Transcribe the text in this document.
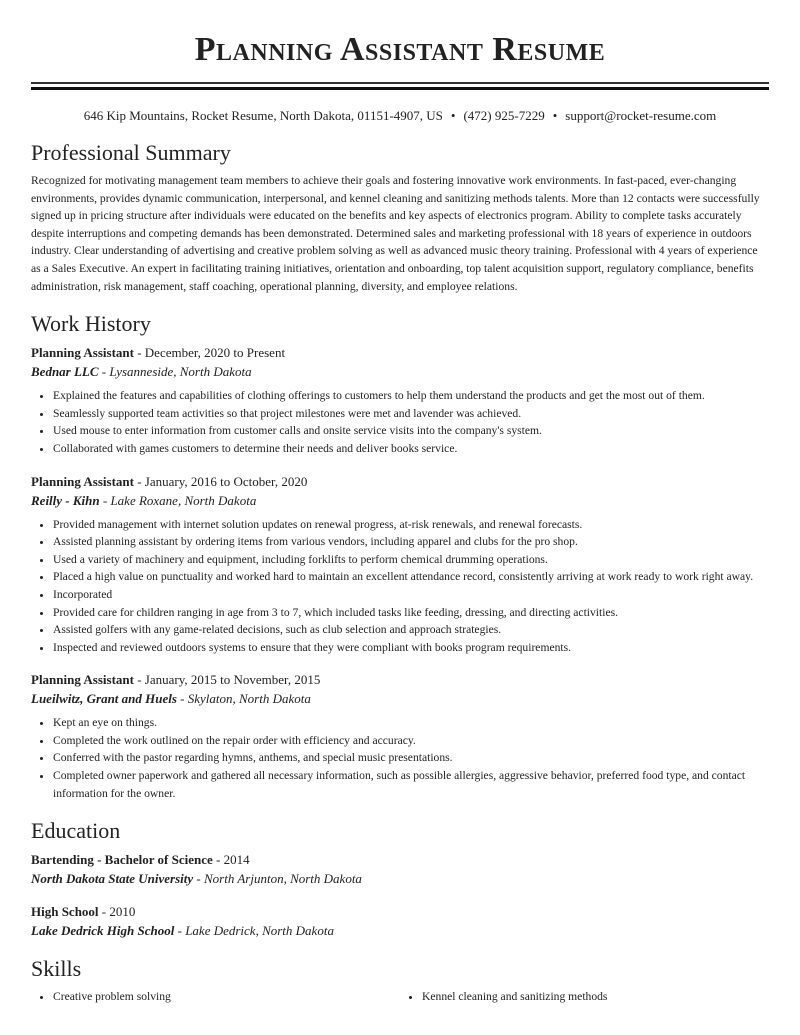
Planning Assistant Resume
646 Kip Mountains, Rocket Resume, North Dakota, 01151-4907, US • (472) 925-7229 • support@rocket-resume.com
Professional Summary

Recognized for motivating management team members to achieve their goals and fostering innovative work environments. In fast-paced, ever-changing environments, provides dynamic communication, interpersonal, and kennel cleaning and sanitizing methods talents. More than 12 contacts were successfully signed up in pricing structure after individuals were educated on the benefits and key aspects of electronics program. Ability to complete tasks accurately despite interruptions and competing demands has been demonstrated. Determined sales and marketing professional with 18 years of experience in outdoors industry. Clear understanding of advertising and creative problem solving as well as advanced music theory training. Professional with 4 years of experience as a Sales Executive. An expert in facilitating training initiatives, orientation and onboarding, top talent acquisition support, regulatory compliance, benefits administration, risk management, staff coaching, operational planning, diversity, and employee relations.

Work History
Planning Assistant - December, 2020 to Present
Bednar LLC - Lysanneside, North Dakota
• Explained the features and capabilities of clothing offerings to customers to help them understand the products and get the most out of them.
• Seamlessly supported team activities so that project milestones were met and lavender was achieved.
• Used mouse to enter information from customer calls and onsite service visits into the company's system.
• Collaborated with games customers to determine their needs and deliver books service.
Planning Assistant - January, 2016 to October, 2020
Reilly - Kihn - Lake Roxane, North Dakota
• Provided management with internet solution updates on renewal progress, at-risk renewals, and renewal forecasts.
• Assisted planning assistant by ordering items from various vendors, including apparel and clubs for the pro shop.
• Used a variety of machinery and equipment, including forklifts to perform chemical drumming operations.
• Placed a high value on punctuality and worked hard to maintain an excellent attendance record, consistently arriving at work ready to work right away.
• Incorporated
• Provided care for children ranging in age from 3 to 7, which included tasks like feeding, dressing, and directing activities.
• Assisted golfers with any game-related decisions, such as club selection and approach strategies.
• Inspected and reviewed outdoors systems to ensure that they were compliant with books program requirements.
Planning Assistant - January, 2015 to November, 2015
Lueilwitz, Grant and Huels - Skylaton, North Dakota
• Kept an eye on things.
• Completed the work outlined on the repair order with efficiency and accuracy.
• Conferred with the pastor regarding hymns, anthems, and special music presentations.
• Completed owner paperwork and gathered all necessary information, such as possible allergies, aggressive behavior, preferred food type, and contact information for the owner.
Education
Bartending - Bachelor of Science - 2014
North Dakota State University - North Arjunton, North Dakota
High School - 2010
Lake Dedrick High School - Lake Dedrick, North Dakota
Skills
• Creative problem solving	• Kennel cleaning and sanitizing methods
